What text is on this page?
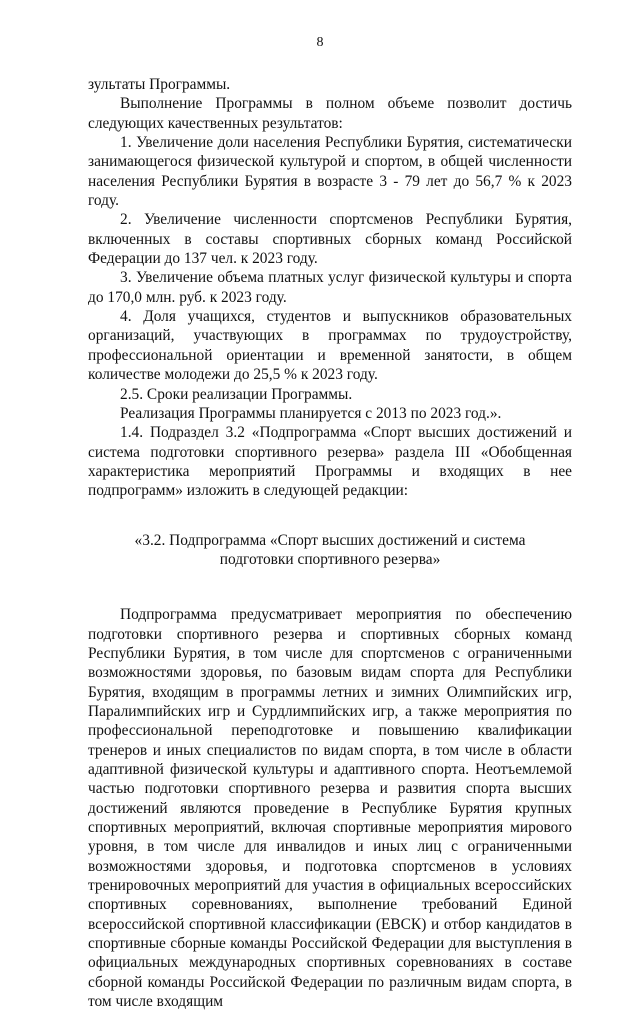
8

зультаты Программы.

Выполнение Программы в полном объеме позволит достичь следующих качественных результатов:

1. Увеличение доли населения Республики Бурятия, систематически занимающегося физической культурой и спортом, в общей численности населения Республики Бурятия в возрасте 3 - 79 лет до 56,7 % к 2023 году.

2. Увеличение численности спортсменов Республики Бурятия, включенных в составы спортивных сборных команд Российской Федерации до 137 чел. к 2023 году.

3. Увеличение объема платных услуг физической культуры и спорта до 170,0 млн. руб. к 2023 году.

4. Доля учащихся, студентов и выпускников образовательных организаций, участвующих в программах по трудоустройству, профессиональной ориентации и временной занятости, в общем количестве молодежи до 25,5 % к 2023 году.

2.5. Сроки реализации Программы.

Реализация Программы планируется с 2013 по 2023 год.».

1.4. Подраздел 3.2 «Подпрограмма «Спорт высших достижений и система подготовки спортивного резерва» раздела III «Обобщенная характеристика мероприятий Программы и входящих в нее подпрограмм» изложить в следующей редакции:

«3.2. Подпрограмма «Спорт высших достижений и система
подготовки спортивного резерва»

Подпрограмма предусматривает мероприятия по обеспечению подготовки спортивного резерва и спортивных сборных команд Республики Бурятия, в том числе для спортсменов с ограниченными возможностями здоровья, по базовым видам спорта для Республики Бурятия, входящим в программы летних и зимних Олимпийских игр, Паралимпийских игр и Сурдлимпийских игр, а также мероприятия по профессиональной переподготовке и повышению квалификации тренеров и иных специалистов по видам спорта, в том числе в области адаптивной физической культуры и адаптивного спорта. Неотъемлемой частью подготовки спортивного резерва и развития спорта высших достижений являются проведение в Республике Бурятия крупных спортивных мероприятий, включая спортивные мероприятия мирового уровня, в том числе для инвалидов и иных лиц с ограниченными возможностями здоровья, и подготовка спортсменов в условиях тренировочных мероприятий для участия в официальных всероссийских спортивных соревнованиях, выполнение требований Единой всероссийской спортивной классификации (ЕВСК) и отбор кандидатов в спортивные сборные команды Российской Федерации для выступления в официальных международных спортивных соревнованиях в составе сборной команды Российской Федерации по различным видам спорта, в том числе входящим
